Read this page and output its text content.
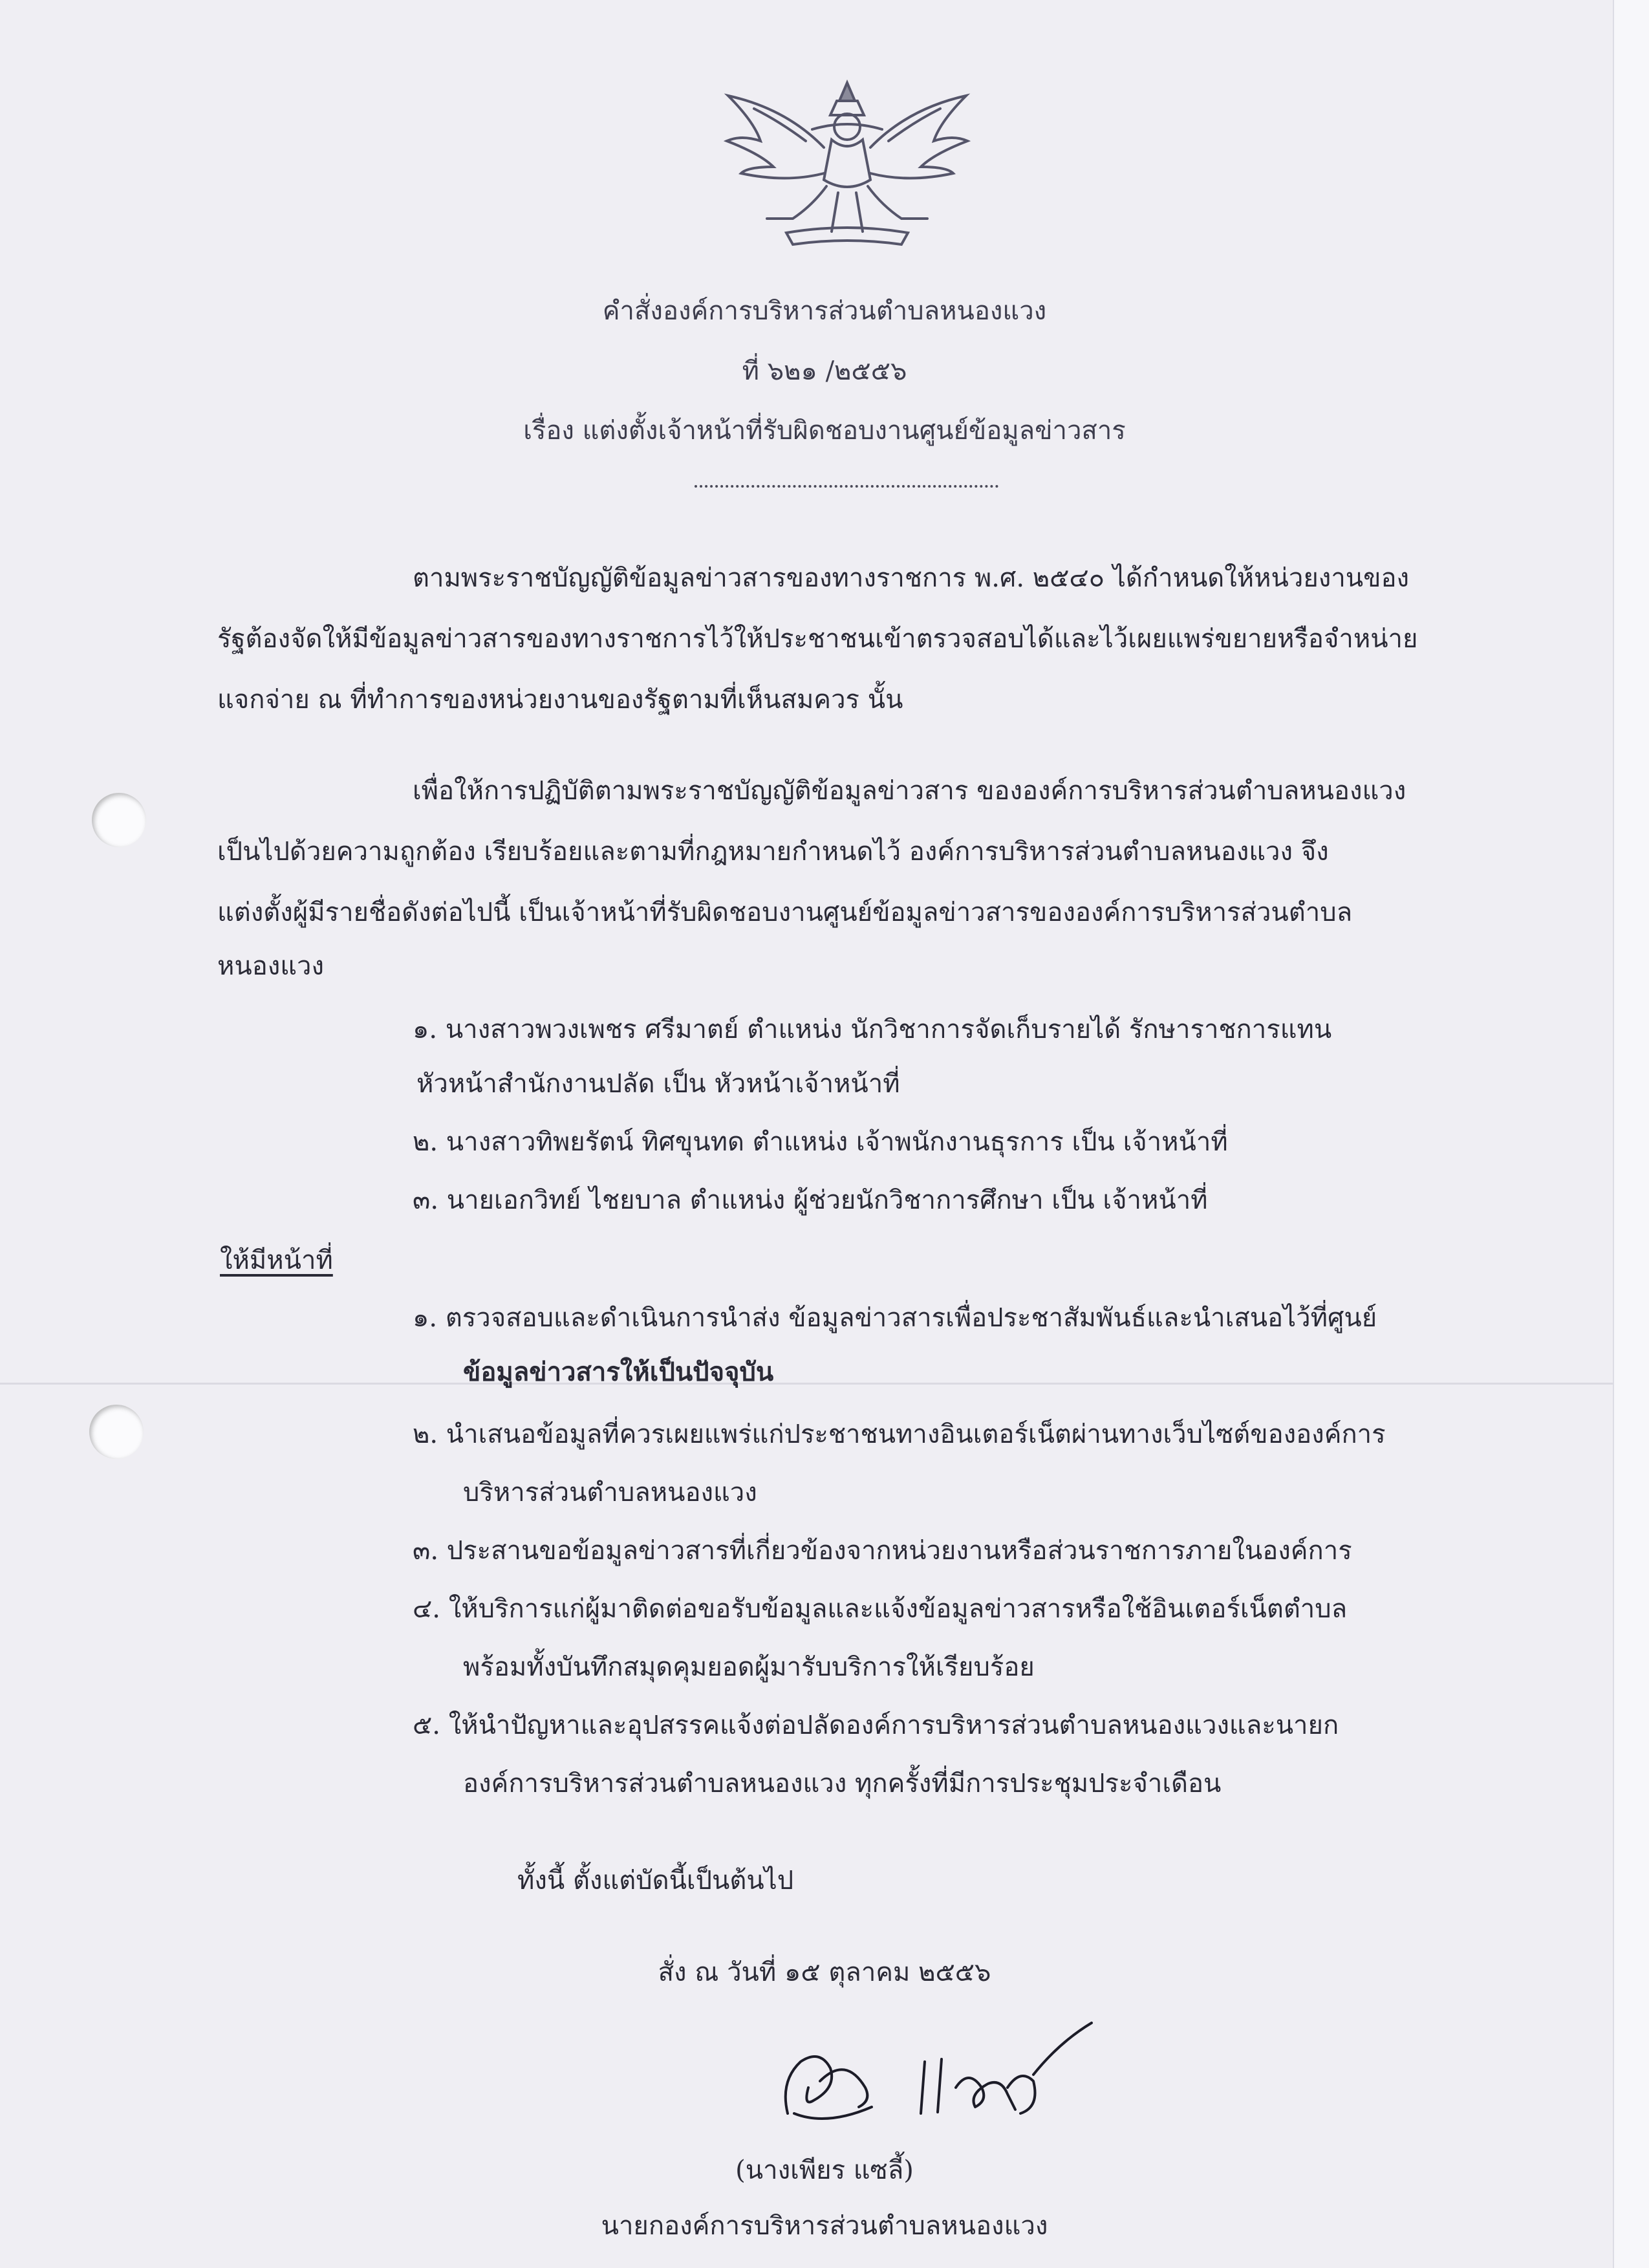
คำสั่งองค์การบริหารส่วนตำบลหนองแวง
ที่ ๖๒๑ /๒๕๕๖
เรื่อง แต่งตั้งเจ้าหน้าที่รับผิดชอบงานศูนย์ข้อมูลข่าวสาร
ตามพระราชบัญญัติข้อมูลข่าวสารของทางราชการ พ.ศ. ๒๕๔๐ ได้กำหนดให้หน่วยงานของ
รัฐต้องจัดให้มีข้อมูลข่าวสารของทางราชการไว้ให้ประชาชนเข้าตรวจสอบได้และไว้เผยแพร่ขยายหรือจำหน่าย
แจกจ่าย ณ ที่ทำการของหน่วยงานของรัฐตามที่เห็นสมควร นั้น
เพื่อให้การปฏิบัติตามพระราชบัญญัติข้อมูลข่าวสาร ขององค์การบริหารส่วนตำบลหนองแวง
เป็นไปด้วยความถูกต้อง เรียบร้อยและตามที่กฎหมายกำหนดไว้ องค์การบริหารส่วนตำบลหนองแวง จึง
แต่งตั้งผู้มีรายชื่อดังต่อไปนี้ เป็นเจ้าหน้าที่รับผิดชอบงานศูนย์ข้อมูลข่าวสารขององค์การบริหารส่วนตำบล
หนองแวง
๑. นางสาวพวงเพชร ศรีมาตย์ ตำแหน่ง นักวิชาการจัดเก็บรายได้ รักษาราชการแทน
หัวหน้าสำนักงานปลัด เป็น หัวหน้าเจ้าหน้าที่
๒. นางสาวทิพยรัตน์ ทิศขุนทด ตำแหน่ง เจ้าพนักงานธุรการ เป็น เจ้าหน้าที่
๓. นายเอกวิทย์ ไชยบาล ตำแหน่ง ผู้ช่วยนักวิชาการศึกษา เป็น เจ้าหน้าที่
ให้มีหน้าที่
๑. ตรวจสอบและดำเนินการนำส่ง ข้อมูลข่าวสารเพื่อประชาสัมพันธ์และนำเสนอไว้ที่ศูนย์
ข้อมูลข่าวสารให้เป็นปัจจุบัน
๒. นำเสนอข้อมูลที่ควรเผยแพร่แก่ประชาชนทางอินเตอร์เน็ตผ่านทางเว็บไซต์ขององค์การ
บริหารส่วนตำบลหนองแวง
๓. ประสานขอข้อมูลข่าวสารที่เกี่ยวข้องจากหน่วยงานหรือส่วนราชการภายในองค์การ
๔. ให้บริการแก่ผู้มาติดต่อขอรับข้อมูลและแจ้งข้อมูลข่าวสารหรือใช้อินเตอร์เน็ตตำบล
พร้อมทั้งบันทึกสมุดคุมยอดผู้มารับบริการให้เรียบร้อย
๕. ให้นำปัญหาและอุปสรรคแจ้งต่อปลัดองค์การบริหารส่วนตำบลหนองแวงและนายก
องค์การบริหารส่วนตำบลหนองแวง ทุกครั้งที่มีการประชุมประจำเดือน
ทั้งนี้ ตั้งแต่บัดนี้เป็นต้นไป
สั่ง ณ วันที่ ๑๕ ตุลาคม ๒๕๕๖
(นางเพียร แซลี้)
นายกองค์การบริหารส่วนตำบลหนองแวง
